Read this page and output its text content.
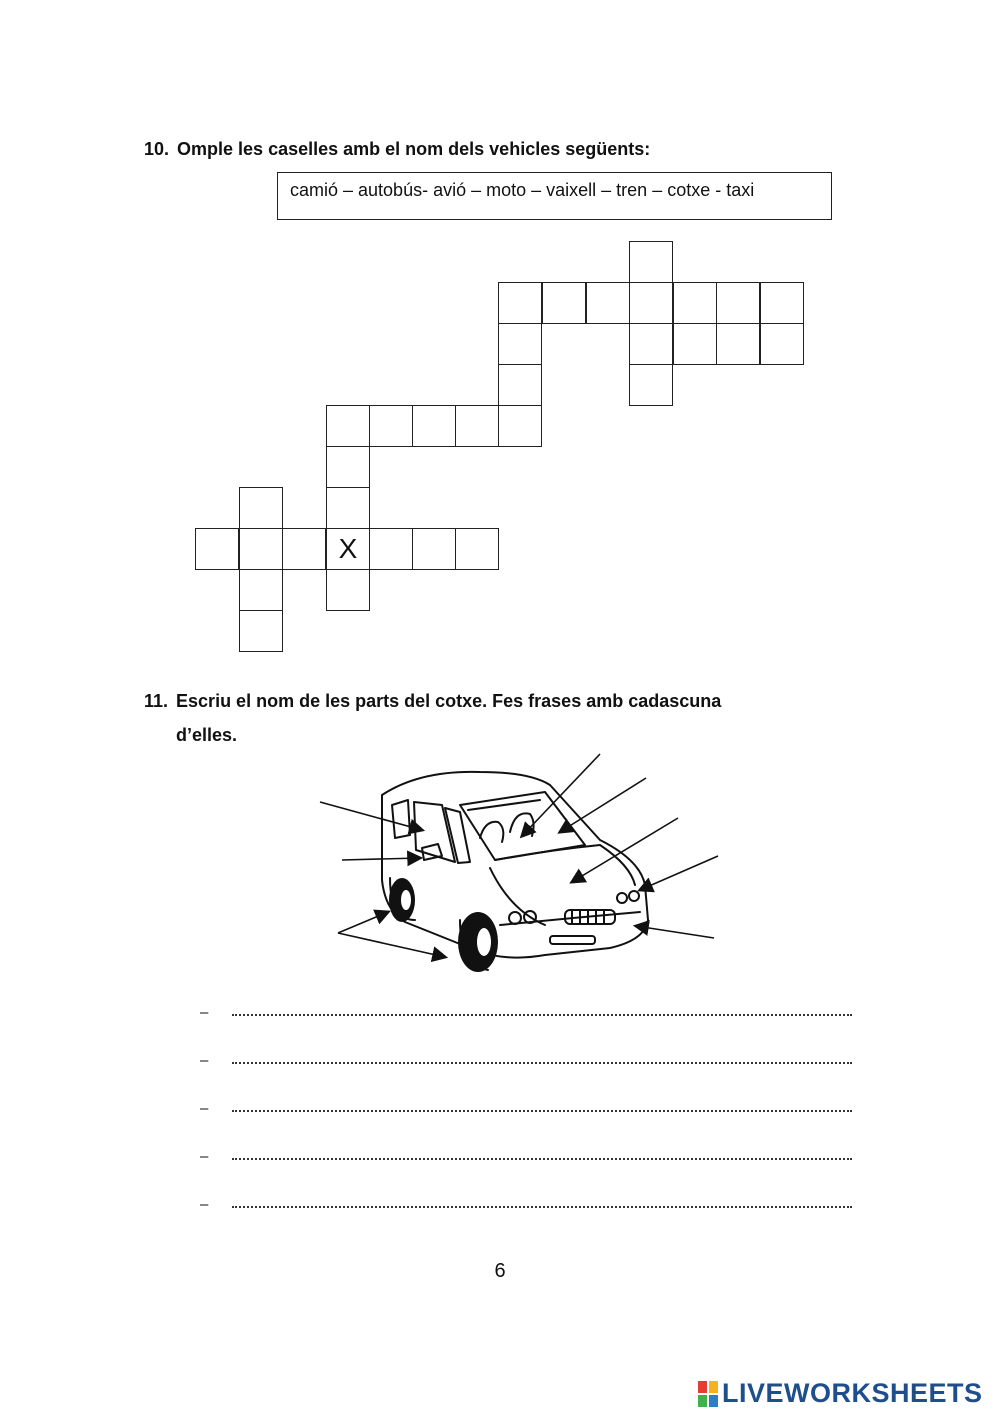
10. Omple les caselles amb el nom dels vehicles següents:
camió – autobús- avió – moto – vaixell – tren – cotxe - taxi
X
11. Escriu el nom de les parts del cotxe. Fes frases amb cadascuna
d’elles.
–
–
–
–
–
6
LIVEWORKSHEETS
